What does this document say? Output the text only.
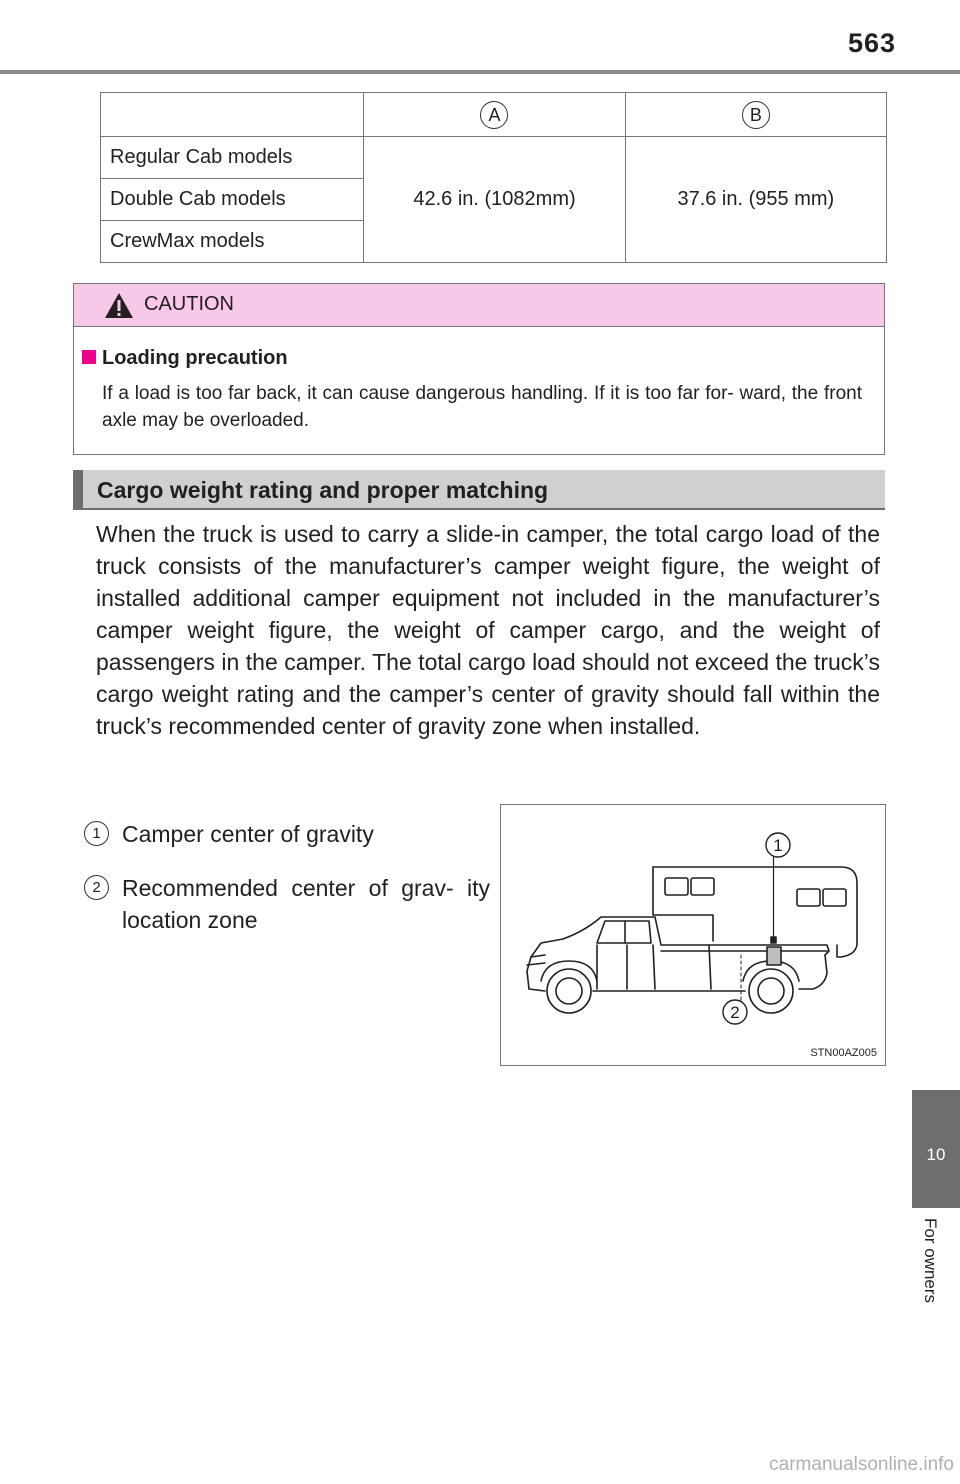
563
	A	B
Regular Cab models	42.6 in. (1082mm)	37.6 in. (955 mm)
Double Cab models		
CrewMax models		
CAUTION
Loading precaution
If a load is too far back, it can cause dangerous handling. If it is too far for- ward, the front axle may be overloaded.
Cargo weight rating and proper matching
When the truck is used to carry a slide-in camper, the total cargo load of the truck consists of the manufacturer’s camper weight figure, the weight of installed additional camper equipment not included in the manufacturer’s camper weight figure, the weight of camper cargo, and the weight of passengers in the camper. The total cargo load should not exceed the truck’s cargo weight rating and the camper’s center of gravity should fall within the truck’s recommended center of gravity zone when installed.
1 Camper center of gravity
2 Recommended center of grav- ity location zone
1
2
STN00AZ005
10
For owners
carmanualsonline.info
